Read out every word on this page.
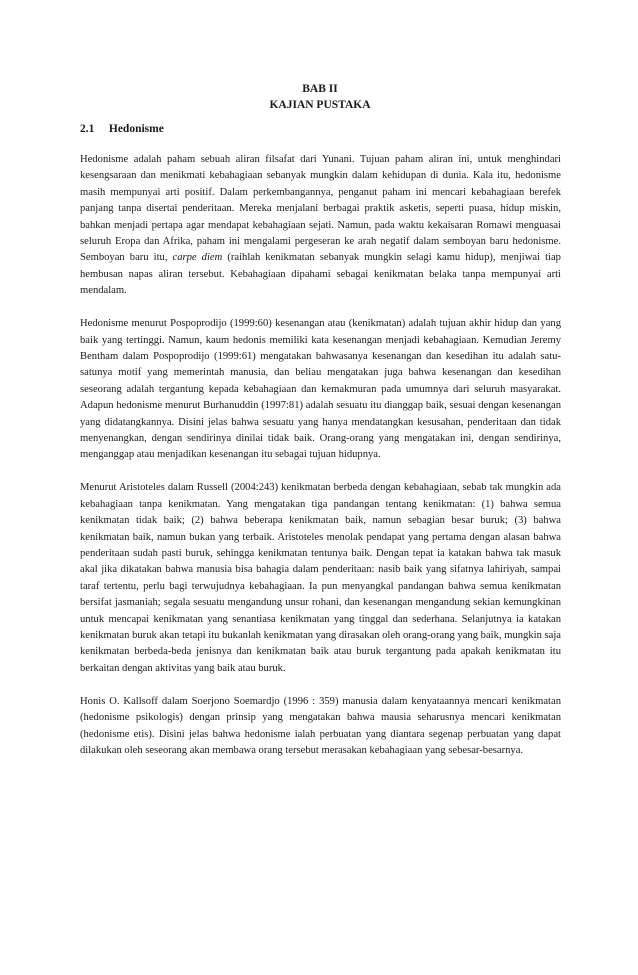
BAB II
KAJIAN PUSTAKA
2.1 Hedonisme

Hedonisme adalah paham sebuah aliran filsafat dari Yunani. Tujuan paham aliran ini, untuk menghindari kesengsaraan dan menikmati kebahagiaan sebanyak mungkin dalam kehidupan di dunia. Kala itu, hedonisme masih mempunyai arti positif. Dalam perkembangannya, penganut paham ini mencari kebahagiaan berefek panjang tanpa disertai penderitaan. Mereka menjalani berbagai praktik asketis, seperti puasa, hidup miskin, bahkan menjadi pertapa agar mendapat kebahagiaan sejati. Namun, pada waktu kekaisaran Romawi menguasai seluruh Eropa dan Afrika, paham ini mengalami pergeseran ke arah negatif dalam semboyan baru hedonisme. Semboyan baru itu, carpe diem (raihlah kenikmatan sebanyak mungkin selagi kamu hidup), menjiwai tiap hembusan napas aliran tersebut. Kebahagiaan dipahami sebagai kenikmatan belaka tanpa mempunyai arti mendalam.

Hedonisme menurut Pospoprodijo (1999:60) kesenangan atau (kenikmatan) adalah tujuan akhir hidup dan yang baik yang tertinggi. Namun, kaum hedonis memiliki kata kesenangan menjadi kebahagiaan. Kemudian Jeremy Bentham dalam Pospoprodijo (1999:61) mengatakan bahwasanya kesenangan dan kesedihan itu adalah satu-satunya motif yang memerintah manusia, dan beliau mengatakan juga bahwa kesenangan dan kesedihan seseorang adalah tergantung kepada kebahagiaan dan kemakmuran pada umumnya dari seluruh masyarakat. Adapun hedonisme menurut Burhanuddin (1997:81) adalah sesuatu itu dianggap baik, sesuai dengan kesenangan yang didatangkannya. Disini jelas bahwa sesuatu yang hanya mendatangkan kesusahan, penderitaan dan tidak menyenangkan, dengan sendirinya dinilai tidak baik. Orang-orang yang mengatakan ini, dengan sendirinya, menganggap atau menjadikan kesenangan itu sebagai tujuan hidupnya.

Menurut Aristoteles dalam Russell (2004:243) kenikmatan berbeda dengan kebahagiaan, sebab tak mungkin ada kebahagiaan tanpa kenikmatan. Yang mengatakan tiga pandangan tentang kenikmatan: (1) bahwa semua kenikmatan tidak baik; (2) bahwa beberapa kenikmatan baik, namun sebagian besar buruk; (3) bahwa kenikmatan baik, namun bukan yang terbaik. Aristoteles menolak pendapat yang pertama dengan alasan bahwa penderitaan sudah pasti buruk, sehingga kenikmatan tentunya baik. Dengan tepat ia katakan bahwa tak masuk akal jika dikatakan bahwa manusia bisa bahagia dalam penderitaan: nasib baik yang sifatnya lahiriyah, sampai taraf tertentu, perlu bagi terwujudnya kebahagiaan. Ia pun menyangkal pandangan bahwa semua kenikmatan bersifat jasmaniah; segala sesuatu mengandung unsur rohani, dan kesenangan mengandung sekian kemungkinan untuk mencapai kenikmatan yang senantiasa kenikmatan yang tinggal dan sederhana. Selanjutnya ia katakan kenikmatan buruk akan tetapi itu bukanlah kenikmatan yang dirasakan oleh orang-orang yang baik, mungkin saja kenikmatan berbeda-beda jenisnya dan kenikmatan baik atau buruk tergantung pada apakah kenikmatan itu berkaitan dengan aktivitas yang baik atau buruk.

Honis O. Kallsoff dalam Soerjono Soemardjo (1996 : 359) manusia dalam kenyataannya mencari kenikmatan (hedonisme psikologis) dengan prinsip yang mengatakan bahwa mausia seharusnya mencari kenikmatan (hedonisme etis). Disini jelas bahwa hedonisme ialah perbuatan yang diantara segenap perbuatan yang dapat dilakukan oleh seseorang akan membawa orang tersebut merasakan kebahagiaan yang sebesar-besarnya.
